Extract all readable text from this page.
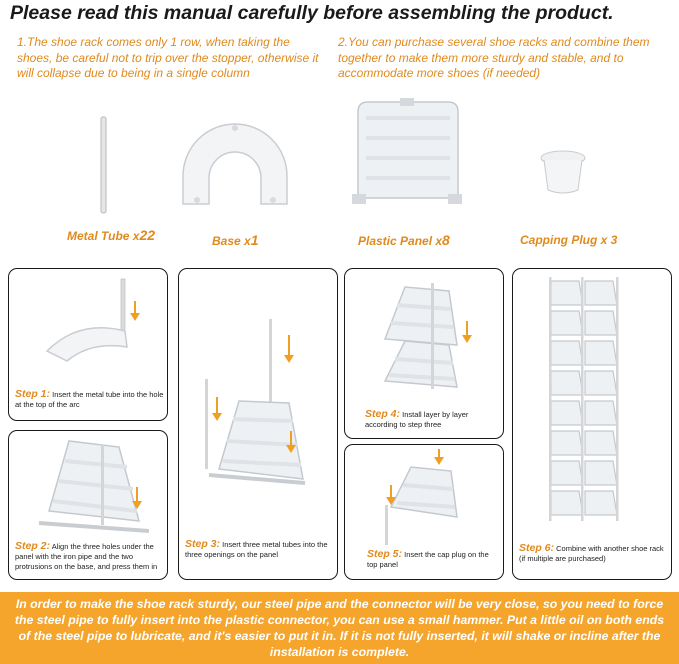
Please read this manual carefully before assembling the product.
1.The shoe rack comes only 1 row, when taking the shoes, be careful not to trip over the stopper, otherwise it will collapse due to being in a single column
2.You can purchase several shoe racks and combine them together to make them more sturdy and stable, and to accommodate more shoes (if needed)
Metal Tube x22	Base x1	Plastic Panel x8	Capping Plug x 3
Step 1: Insert the metal tube into the hole at the top of the arc
Step 2: Align the three holes under the panel with the iron pipe and the two protrusions on the base, and press them in
Step 3: Insert three metal tubes into the three openings on the panel
Step 4: Install layer by layer according to step three
Step 5: Insert the cap plug on the top panel
Step 6: Combine with another shoe rack (if multiple are purchased)

In order to make the shoe rack sturdy, our steel pipe and the connector will be very close, so you need to force the steel pipe to fully insert into the plastic connector, you can use a small hammer. Put a little oil on both ends of the steel pipe to lubricate, and it's easier to put it in. If it is not fully inserted, it will shake or incline after the installation is complete.
